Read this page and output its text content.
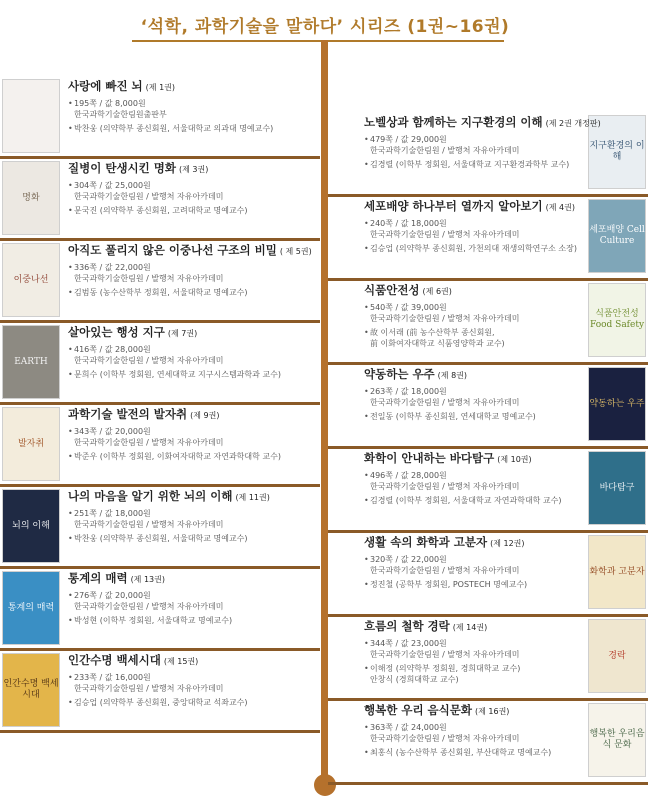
‘석학, 과학기술을 말하다’ 시리즈 (1권~16권)
사랑에 빠진 뇌 (제 1권)
• 195쪽 / 값 8,000원
한국과학기술한림원출판부
• 박찬웅 (의약학부 종신회원, 서울대학교 의과대 명예교수)
명화
질병이 탄생시킨 명화 (제 3권)
• 304쪽 / 값 25,000원
한국과학기술한림원 / 발행처 자유아카데미
• 문국진 (의약학부 종신회원, 고려대학교 명예교수)
이중나선
아직도 풀리지 않은 이중나선 구조의 비밀 ( 제 5권)
• 336쪽 / 값 22,000원
한국과학기술한림원 / 발행처 자유아카데미
• 김범동 (농수산학부 정회원, 서울대학교 명예교수)
EARTH
살아있는 행성 지구 (제 7권)
• 416쪽 / 값 28,000원
한국과학기술한림원 / 발행처 자유아카데미
• 문희수 (이학부 정회원, 연세대학교 지구시스템과학과 교수)
발자취
과학기술 발전의 발자취 (제 9권)
• 343쪽 / 값 20,000원
한국과학기술한림원 / 발행처 자유아카데미
• 박준우 (이학부 정회원, 이화여자대학교 자연과학대학 교수)
뇌의 이해
나의 마음을 알기 위한 뇌의 이해 (제 11권)
• 251쪽 / 값 18,000원
한국과학기술한림원 / 발행처 자유아카데미
• 박찬웅 (의약학부 종신회원, 서울대학교 명예교수)
통계의 매력
통계의 매력 (제 13권)
• 276쪽 / 값 20,000원
한국과학기술한림원 / 발행처 자유아카데미
• 박성현 (이학부 정회원, 서울대학교 명예교수)
인간수명 백세시대
인간수명 백세시대 (제 15권)
• 233쪽 / 값 16,000원
한국과학기술한림원 / 발행처 자유아카데미
• 김승업 (의약학부 종신회원, 중앙대학교 석좌교수)
지구환경의 이해
노벨상과 함께하는 지구환경의 이해 (제 2권 개정판)
• 479쪽 / 값 29,000원
한국과학기술한림원 / 발행처 자유아카데미
• 김경렬 (이학부 정회원, 서울대학교 지구환경과학부 교수)
세포배양 Cell Culture
세포배양 하나부터 열까지 알아보기 (제 4권)
• 240쪽 / 값 18,000원
한국과학기술한림원 / 발행처 자유아카데미
• 김승업 (의약학부 종신회원, 가천의대 재생의학연구소 소장)
식품안전성 Food Safety
식품안전성 (제 6권)
• 540쪽 / 값 39,000원
한국과학기술한림원 / 발행처 자유아카데미
• 故 이서래 (前 농수산학부 종신회원,
前 이화여자대학교 식품영양학과 교수)
약동하는 우주
약동하는 우주 (제 8권)
• 263쪽 / 값 18,000원
한국과학기술한림원 / 발행처 자유아카데미
• 전일동 (이학부 종신회원, 연세대학교 명예교수)
바다탐구
화학이 안내하는 바다탐구 (제 10권)
• 496쪽 / 값 28,000원
한국과학기술한림원 / 발행처 자유아카데미
• 김경렬 (이학부 정회원, 서울대학교 자연과학대학 교수)
화학과 고분자
생활 속의 화학과 고분자 (제 12권)
• 320쪽 / 값 22,000원
한국과학기술한림원 / 발행처 자유아카데미
• 정진철 (공학부 정회원, POSTECH 명예교수)
경락
흐름의 철학 경락 (제 14권)
• 344쪽 / 값 23,000원
한국과학기술한림원 / 발행처 자유아카데미
• 이해정 (의약학부 정회원, 경희대학교 교수)
안창식 (경희대학교 교수)
행복한 우리음식 문화
행복한 우리 음식문화 (제 16권)
• 363쪽 / 값 24,000원
한국과학기술한림원 / 발행처 자유아카데미
• 최홍식 (농수산학부 종신회원, 부산대학교 명예교수)
